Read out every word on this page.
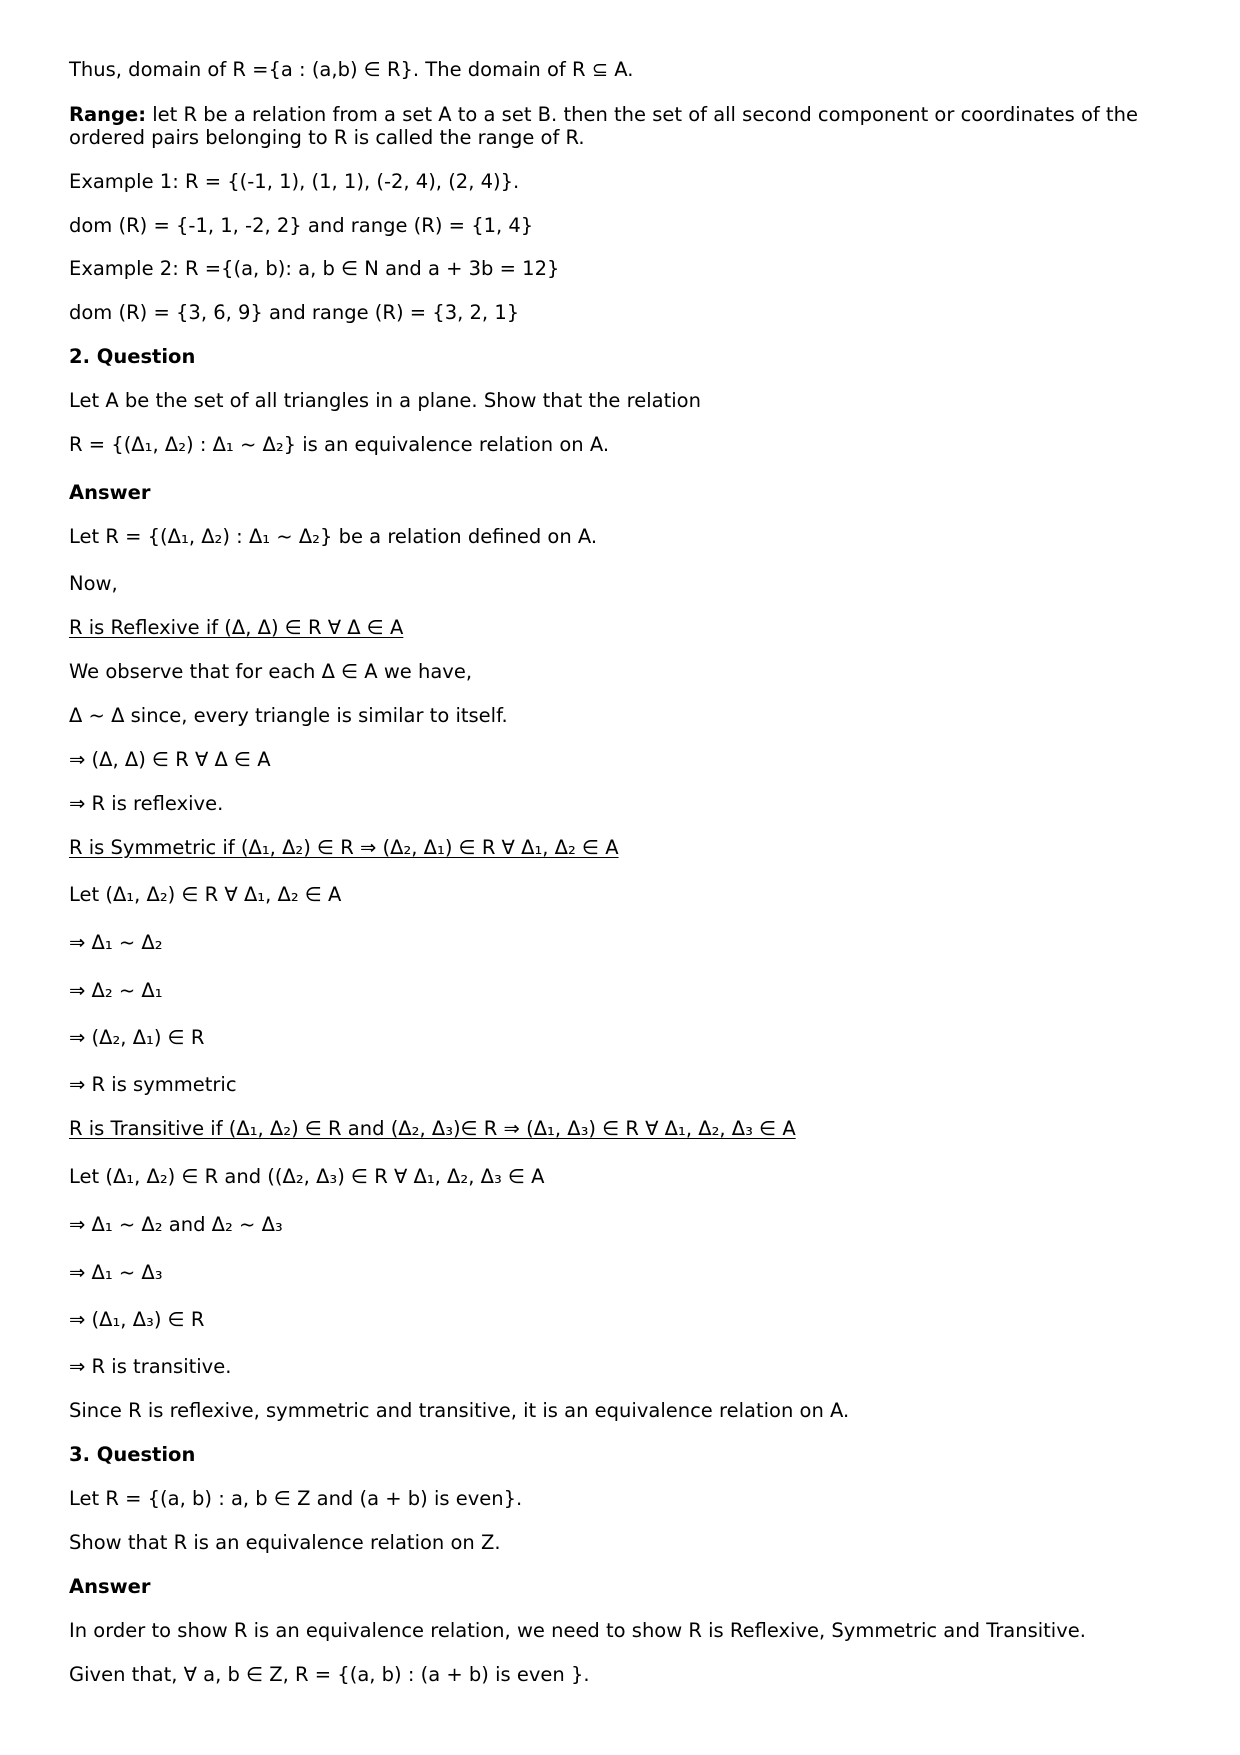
Thus, domain of R ={a : (a,b) ∈ R}. The domain of R ⊆ A.
Range: let R be a relation from a set A to a set B. then the set of all second component or coordinates of the ordered pairs belonging to R is called the range of R.
Example 1: R = {(-1, 1), (1, 1), (-2, 4), (2, 4)}.
dom (R) = {-1, 1, -2, 2} and range (R) = {1, 4}
Example 2: R ={(a, b): a, b ∈ N and a + 3b = 12}
dom (R) = {3, 6, 9} and range (R) = {3, 2, 1}
2. Question
Let A be the set of all triangles in a plane. Show that the relation
R = {(Δ₁, Δ₂) : Δ₁ ~ Δ₂} is an equivalence relation on A.
Answer
Let R = {(Δ₁, Δ₂) : Δ₁ ~ Δ₂} be a relation defined on A.
Now,
R is Reflexive if (Δ, Δ) ∈ R ∀ Δ ∈ A
We observe that for each Δ ∈ A we have,
Δ ~ Δ since, every triangle is similar to itself.
⇒ (Δ, Δ) ∈ R ∀ Δ ∈ A
⇒ R is reflexive.
R is Symmetric if (Δ₁, Δ₂) ∈ R ⇒ (Δ₂, Δ₁) ∈ R ∀ Δ₁, Δ₂ ∈ A
Let (Δ₁, Δ₂) ∈ R ∀ Δ₁, Δ₂ ∈ A
⇒ Δ₁ ~ Δ₂
⇒ Δ₂ ~ Δ₁
⇒ (Δ₂, Δ₁) ∈ R
⇒ R is symmetric
R is Transitive if (Δ₁, Δ₂) ∈ R and (Δ₂, Δ₃)∈ R ⇒ (Δ₁, Δ₃) ∈ R ∀ Δ₁, Δ₂, Δ₃ ∈ A
Let (Δ₁, Δ₂) ∈ R and ((Δ₂, Δ₃) ∈ R ∀ Δ₁, Δ₂, Δ₃ ∈ A
⇒ Δ₁ ~ Δ₂ and Δ₂ ~ Δ₃
⇒ Δ₁ ~ Δ₃
⇒ (Δ₁, Δ₃) ∈ R
⇒ R is transitive.
Since R is reflexive, symmetric and transitive, it is an equivalence relation on A.
3. Question
Let R = {(a, b) : a, b ∈ Z and (a + b) is even}.
Show that R is an equivalence relation on Z.
Answer
In order to show R is an equivalence relation, we need to show R is Reflexive, Symmetric and Transitive.
Given that, ∀ a, b ∈ Z, R = {(a, b) : (a + b) is even }.
